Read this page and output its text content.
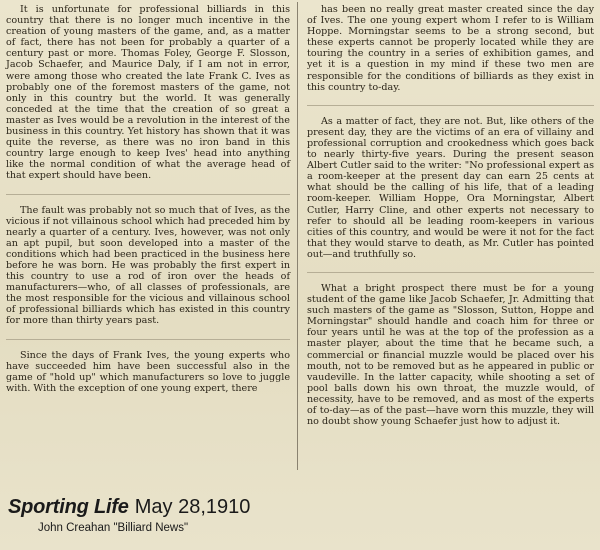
It is unfortunate for professional billiards in this country that there is no longer much incentive in the creation of young masters of the game, and, as a matter of fact, there has not been for probably a quarter of a century past or more. Thomas Foley, George F. Slosson, Jacob Schaefer, and Maurice Daly, if I am not in error, were among those who created the late Frank C. Ives as probably one of the foremost masters of the game, not only in this country but the world. It was generally conceded at the time that the creation of so great a master as Ives would be a revolution in the interest of the business in this country. Yet history has shown that it was quite the reverse, as there was no iron band in this country large enough to keep Ives' head into anything like the normal condition of what the average head of that expert should have been.

The fault was probably not so much that of Ives, as the vicious if not villainous school which had preceded him by nearly a quarter of a century. Ives, however, was not only an apt pupil, but soon developed into a master of the conditions which had been practiced in the business here before he was born. He was probably the first expert in this country to use a rod of iron over the heads of manufacturers—who, of all classes of professionals, are the most responsible for the vicious and villainous school of professional billiards which has existed in this country for more than thirty years past.

Since the days of Frank Ives, the young experts who have succeeded him have been successful also in the game of "hold up" which manufacturers so love to juggle with. With the exception of one young expert, there

has been no really great master created since the day of Ives. The one young expert whom I refer to is William Hoppe. Morningstar seems to be a strong second, but these experts cannot be properly located while they are touring the country in a series of exhibition games, and yet it is a question in my mind if these two men are responsible for the conditions of billiards as they exist in this country to-day.

As a matter of fact, they are not. But, like others of the present day, they are the victims of an era of villainy and professional corruption and crookedness which goes back to nearly thirty-five years. During the present season Albert Cutler said to the writer: "No professional expert as a room-keeper at the present day can earn 25 cents at what should be the calling of his life, that of a leading room-keeper. William Hoppe, Ora Morningstar, Albert Cutler, Harry Cline, and other experts not necessary to refer to should all be leading room-keepers in various cities of this country, and would be were it not for the fact that they would starve to death, as Mr. Cutler has pointed out—and truthfully so.

What a bright prospect there must be for a young student of the game like Jacob Schaefer, Jr. Admitting that such masters of the game as "Slosson, Sutton, Hoppe and Morningstar" should handle and coach him for three or four years until he was at the top of the profession as a master player, about the time that he became such, a commercial or financial muzzle would be placed over his mouth, not to be removed but as he appeared in public or vaudeville. In the latter capacity, while shooting a set of pool balls down his own throat, the muzzle would, of necessity, have to be removed, and as most of the experts of to-day—as of the past—have worn this muzzle, they will no doubt show young Schaefer just how to adjust it.

Sporting Life May 28,1910
John Creahan "Billiard News"
